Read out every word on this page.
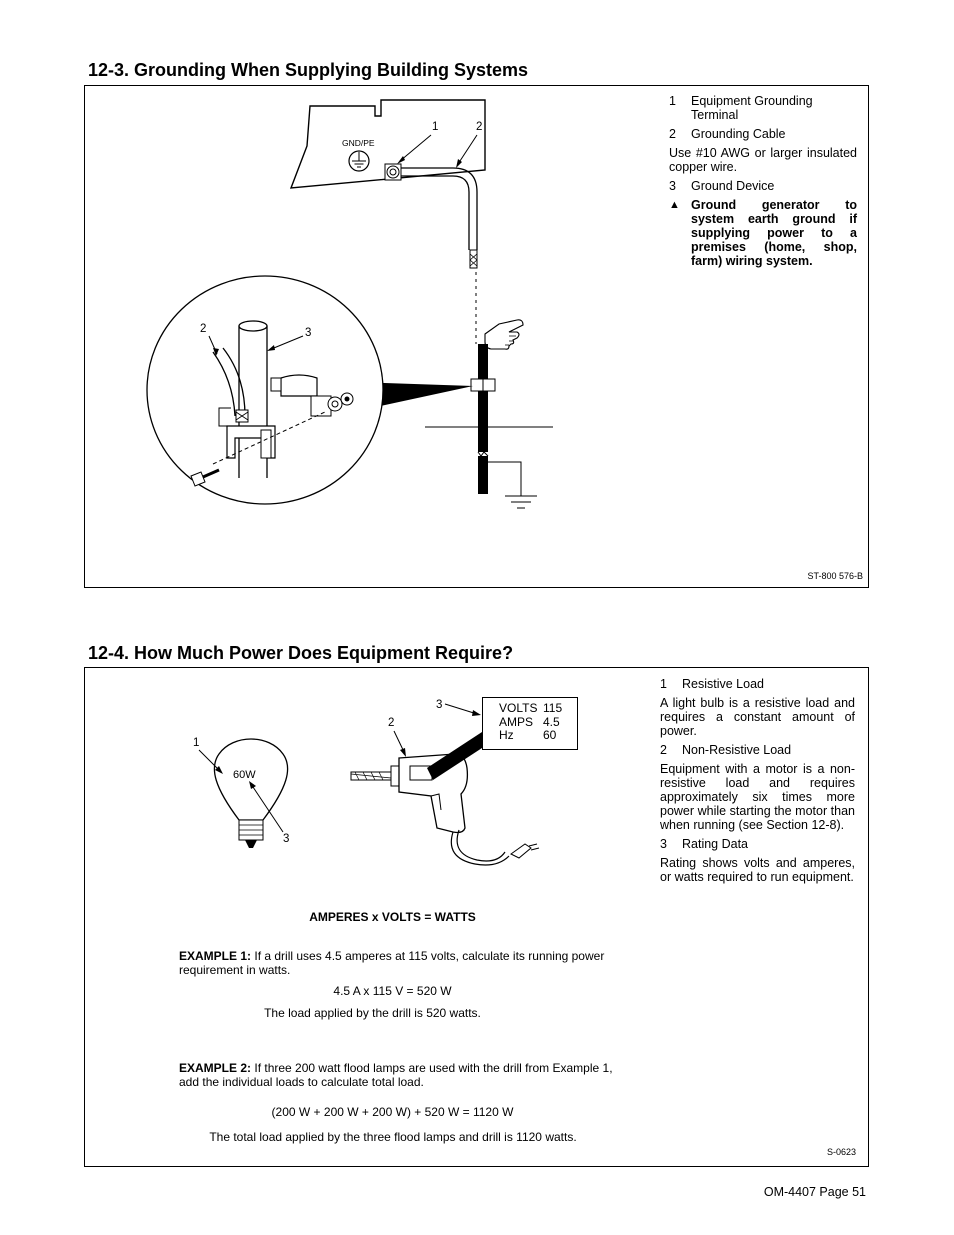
12-3. Grounding When Supplying Building Systems
GND/PE
1	2
2	3
1	Equipment Grounding Terminal
2	Grounding Cable

Use #10 AWG or larger insulated copper wire.

3	Ground Device
▲ Ground generator to system earth ground if supplying power to a premises (home, shop, farm) wiring system.
ST-800 576-B
12-4. How Much Power Does Equipment Require?
60W
1
3
2
3	VOLTS 115
AMPS 4.5
Hz 60
1	Resistive Load

A light bulb is a resistive load and requires a constant amount of power.

2	Non-Resistive Load

Equipment with a motor is a non-resistive load and requires approximately six times more power while starting the motor than when running (see Section 12-8).

3	Rating Data

Rating shows volts and amperes, or watts required to run equipment.

AMPERES x VOLTS = WATTS
EXAMPLE 1: If a drill uses 4.5 amperes at 115 volts, calculate its running power requirement in watts.
4.5 A x 115 V = 520 W
The load applied by the drill is 520 watts.
EXAMPLE 2: If three 200 watt flood lamps are used with the drill from Example 1, add the individual loads to calculate total load.
(200 W + 200 W + 200 W) + 520 W = 1120 W
The total load applied by the three flood lamps and drill is 1120 watts.
S-0623
OM-4407 Page 51
